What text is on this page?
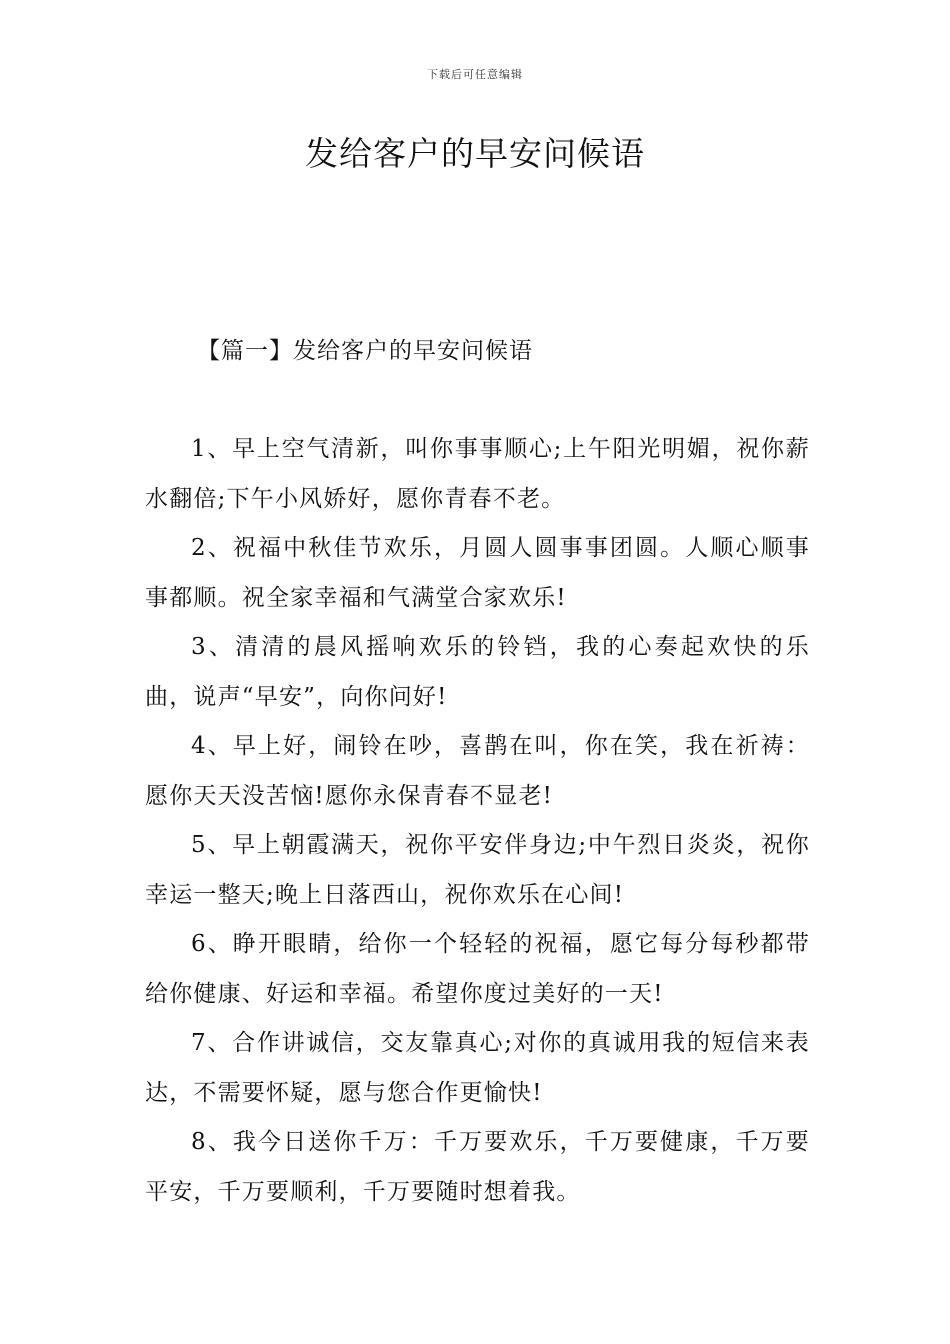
下载后可任意编辑
发给客户的早安问候语
【篇一】发给客户的早安问候语

1、早上空气清新，叫你事事顺心;上午阳光明媚，祝你薪水翻倍;下午小风娇好，愿你青春不老。

2、祝福中秋佳节欢乐，月圆人圆事事团圆。人顺心顺事事都顺。祝全家幸福和气满堂合家欢乐!

3、清清的晨风摇响欢乐的铃铛，我的心奏起欢快的乐曲，说声“早安”，向你问好!

4、早上好，闹铃在吵，喜鹊在叫，你在笑，我在祈祷：愿你天天没苦恼!愿你永保青春不显老!

5、早上朝霞满天，祝你平安伴身边;中午烈日炎炎，祝你幸运一整天;晚上日落西山，祝你欢乐在心间!

6、睁开眼睛，给你一个轻轻的祝福，愿它每分每秒都带给你健康、好运和幸福。希望你度过美好的一天!

7、合作讲诚信，交友靠真心;对你的真诚用我的短信来表达，不需要怀疑，愿与您合作更愉快!

8、我今日送你千万：千万要欢乐，千万要健康，千万要平安，千万要顺利，千万要随时想着我。
